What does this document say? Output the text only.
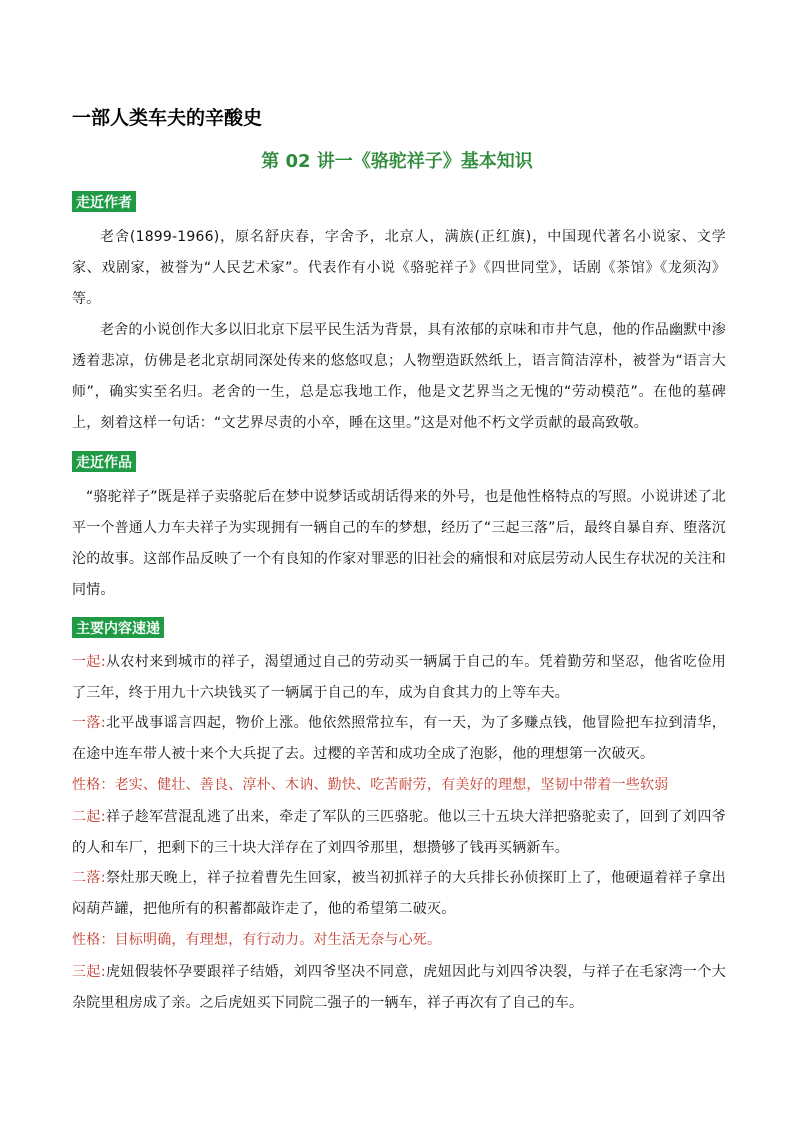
一部人类车夫的辛酸史
第 02 讲一《骆驼祥子》基本知识
走近作者

老舍(1899-1966)，原名舒庆春，字舍予，北京人，满族(正红旗)，中国现代著名小说家、文学家、戏剧家，被誉为“人民艺术家”。代表作有小说《骆驼祥子》《四世同堂》，话剧《茶馆》《龙须沟》等。

老舍的小说创作大多以旧北京下层平民生活为背景，具有浓郁的京味和市井气息，他的作品幽默中渗透着悲凉，仿佛是老北京胡同深处传来的悠悠叹息；人物塑造跃然纸上，语言简洁淳朴，被誉为“语言大师”，确实实至名归。老舍的一生，总是忘我地工作，他是文艺界当之无愧的“劳动模范”。在他的墓碑上，刻着这样一句话：“文艺界尽责的小卒，睡在这里。”这是对他不朽文学贡献的最高致敬。

走近作品

“骆驼祥子”既是祥子卖骆驼后在梦中说梦话或胡话得来的外号，也是他性格特点的写照。小说讲述了北平一个普通人力车夫祥子为实现拥有一辆自己的车的梦想，经历了“三起三落”后，最终自暴自弃、堕落沉沦的故事。这部作品反映了一个有良知的作家对罪恶的旧社会的痛恨和对底层劳动人民生存状况的关注和同情。

主要内容速递

一起:从农村来到城市的祥子，渴望通过自己的劳动买一辆属于自己的车。凭着勤劳和坚忍，他省吃俭用了三年，终于用九十六块钱买了一辆属于自己的车，成为自食其力的上等车夫。

一落:北平战事谣言四起，物价上涨。他依然照常拉车，有一天，为了多赚点钱，他冒险把车拉到清华，在途中连车带人被十来个大兵捉了去。过樱的辛苦和成功全成了泡影，他的理想第一次破灭。

性格：老实、健壮、善良、淳朴、木讷、勤快、吃苦耐劳，有美好的理想，坚韧中带着一些软弱

二起:祥子趁军营混乱逃了出来，牵走了军队的三匹骆驼。他以三十五块大洋把骆驼卖了，回到了刘四爷的人和车厂，把剩下的三十块大洋存在了刘四爷那里，想攒够了钱再买辆新车。

二落:祭灶那天晚上，祥子拉着曹先生回家，被当初抓祥子的大兵排长孙侦探盯上了，他硬逼着祥子拿出闷葫芦罐，把他所有的积蓄都敲诈走了，他的希望第二破灭。

性格：目标明确，有理想，有行动力。对生活无奈与心死。

三起:虎妞假装怀孕要跟祥子结婚，刘四爷坚决不同意，虎妞因此与刘四爷决裂，与祥子在毛家湾一个大杂院里租房成了亲。之后虎妞买下同院二强子的一辆车，祥子再次有了自己的车。
